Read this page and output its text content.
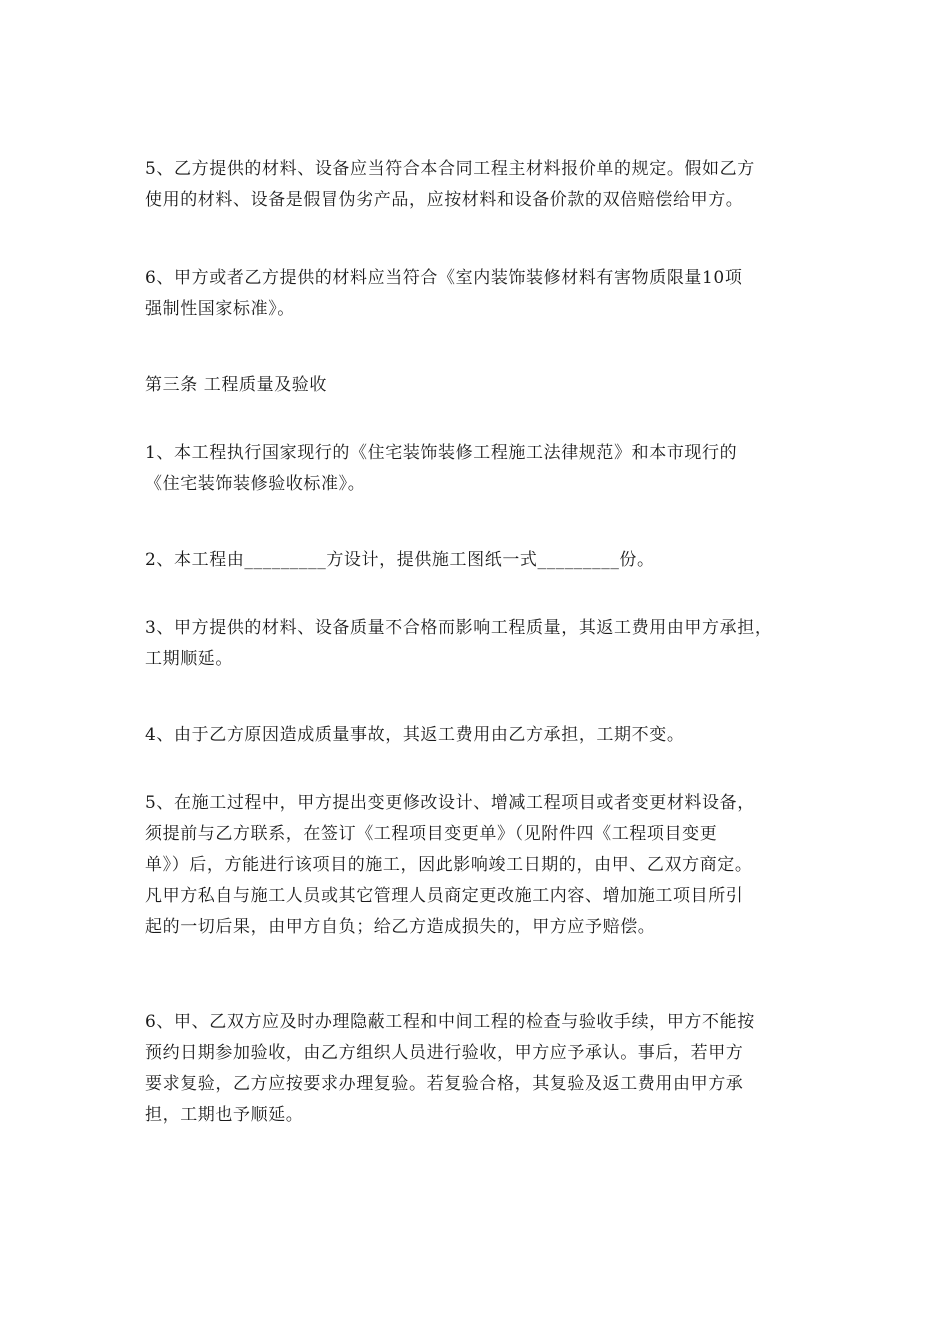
5、乙方提供的材料、设备应当符合本合同工程主材料报价单的规定。假如乙方
使用的材料、设备是假冒伪劣产品，应按材料和设备价款的双倍赔偿给甲方。
6、甲方或者乙方提供的材料应当符合《室内装饰装修材料有害物质限量10项
强制性国家标准》。
第三条 工程质量及验收
1、本工程执行国家现行的《住宅装饰装修工程施工法律规范》和本市现行的
《住宅装饰装修验收标准》。
2、本工程由_________方设计，提供施工图纸一式_________份。
3、甲方提供的材料、设备质量不合格而影响工程质量，其返工费用由甲方承担，
工期顺延。
4、由于乙方原因造成质量事故，其返工费用由乙方承担，工期不变。
5、在施工过程中，甲方提出变更修改设计、增减工程项目或者变更材料设备，
须提前与乙方联系，在签订《工程项目变更单》（见附件四《工程项目变更
单》）后，方能进行该项目的施工，因此影响竣工日期的，由甲、乙双方商定。
凡甲方私自与施工人员或其它管理人员商定更改施工内容、增加施工项目所引
起的一切后果，由甲方自负；给乙方造成损失的，甲方应予赔偿。
6、甲、乙双方应及时办理隐蔽工程和中间工程的检查与验收手续，甲方不能按
预约日期参加验收，由乙方组织人员进行验收，甲方应予承认。事后，若甲方
要求复验，乙方应按要求办理复验。若复验合格，其复验及返工费用由甲方承
担，工期也予顺延。
